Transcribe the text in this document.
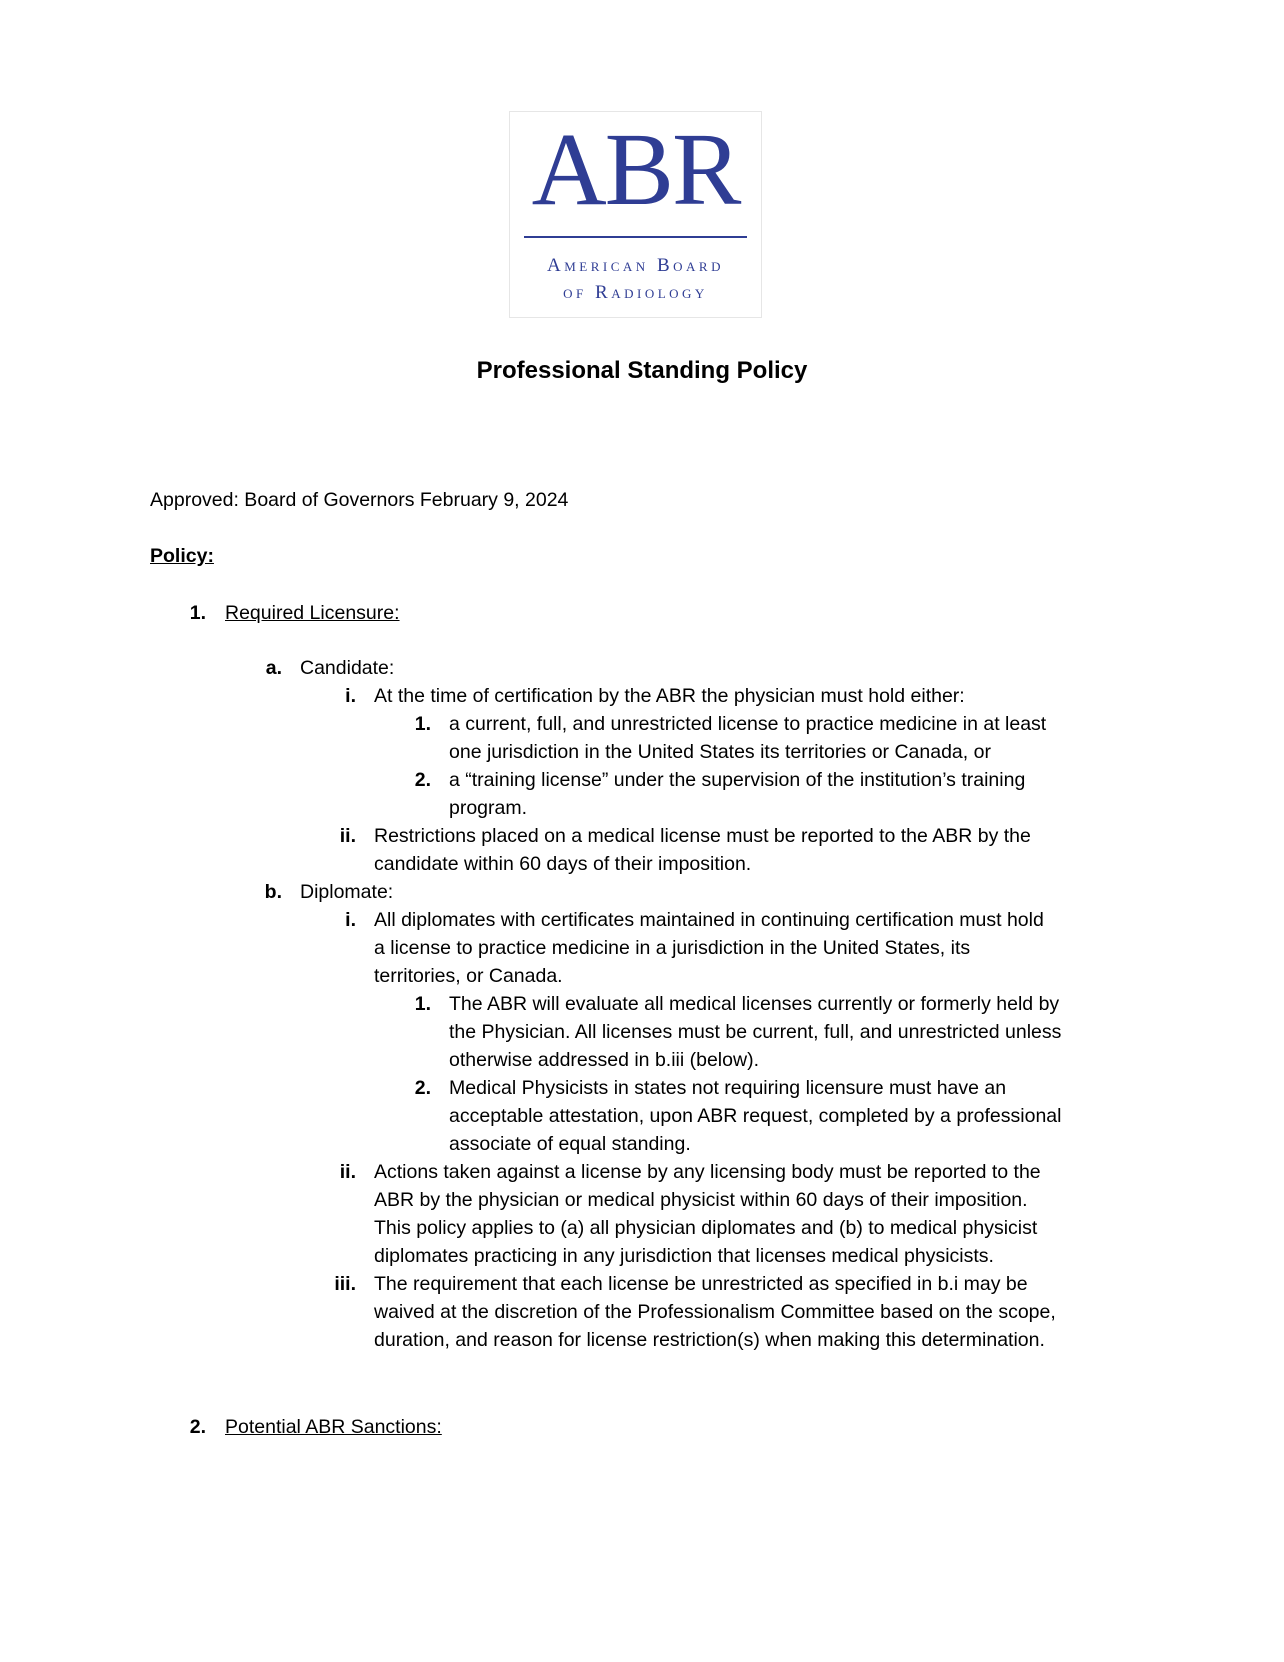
ABR
American Board
of Radiology
Professional Standing Policy
Approved: Board of Governors February 9, 2024
Policy:
1. Required Licensure:
a. Candidate:
i. At the time of certification by the ABR the physician must hold either:
1. a current, full, and unrestricted license to practice medicine in at least
one jurisdiction in the United States its territories or Canada, or
2. a “training license” under the supervision of the institution’s training
program.
ii. Restrictions placed on a medical license must be reported to the ABR by the
candidate within 60 days of their imposition.
b. Diplomate:
i. All diplomates with certificates maintained in continuing certification must hold
a license to practice medicine in a jurisdiction in the United States, its
territories, or Canada.
1. The ABR will evaluate all medical licenses currently or formerly held by
the Physician. All licenses must be current, full, and unrestricted unless
otherwise addressed in b.iii (below).
2. Medical Physicists in states not requiring licensure must have an
acceptable attestation, upon ABR request, completed by a professional
associate of equal standing.
ii. Actions taken against a license by any licensing body must be reported to the
ABR by the physician or medical physicist within 60 days of their imposition.
This policy applies to (a) all physician diplomates and (b) to medical physicist
diplomates practicing in any jurisdiction that licenses medical physicists.
iii. The requirement that each license be unrestricted as specified in b.i may be
waived at the discretion of the Professionalism Committee based on the scope,
duration, and reason for license restriction(s) when making this determination.
2. Potential ABR Sanctions:
